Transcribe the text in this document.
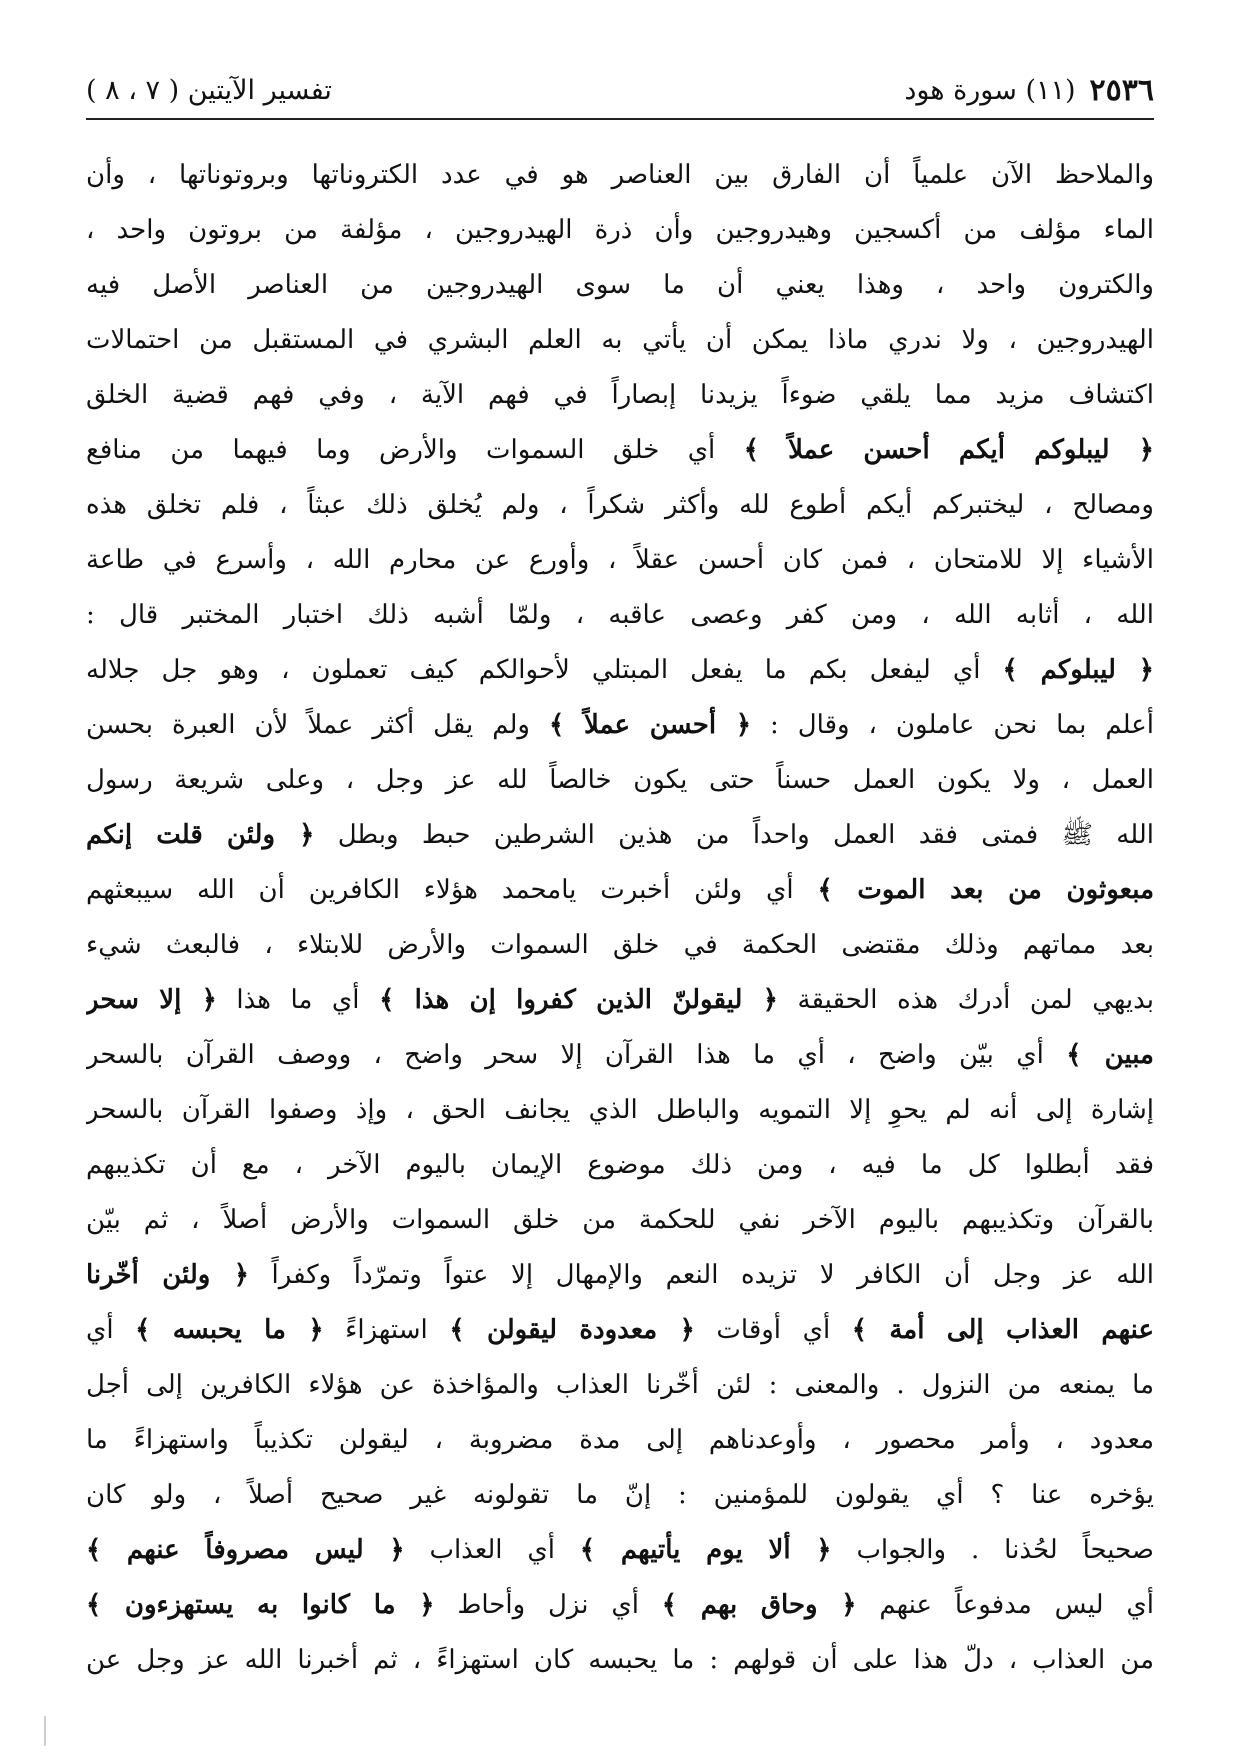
٢٥٣٦
(١١) سورة هود
تفسير الآيتين ( ٧ ، ٨ )
والملاحظ الآن علمياً أن الفارق بين العناصر هو في عدد الكتروناتها وبروتوناتها ، وأن
الماء مؤلف من أكسجين وهيدروجين وأن ذرة الهيدروجين ، مؤلفة من بروتون واحد ،
والكترون واحد ، وهذا يعني أن ما سوى الهيدروجين من العناصر الأصل فيه
الهيدروجين ، ولا ندري ماذا يمكن أن يأتي به العلم البشري في المستقبل من احتمالات
اكتشاف مزيد مما يلقي ضوءاً يزيدنا إبصاراً في فهم الآية ، وفي فهم قضية الخلق
﴿ ليبلوكم أيكم أحسن عملاً ﴾ أي خلق السموات والأرض وما فيهما من منافع
ومصالح ، ليختبركم أيكم أطوع لله وأكثر شكراً ، ولم يُخلق ذلك عبثاً ، فلم تخلق هذه
الأشياء إلا للامتحان ، فمن كان أحسن عقلاً ، وأورع عن محارم الله ، وأسرع في طاعة
الله ، أثابه الله ، ومن كفر وعصى عاقبه ، ولمّا أشبه ذلك اختبار المختبر قال :
﴿ ليبلوكم ﴾ أي ليفعل بكم ما يفعل المبتلي لأحوالكم كيف تعملون ، وهو جل جلاله
أعلم بما نحن عاملون ، وقال : ﴿ أحسن عملاً ﴾ ولم يقل أكثر عملاً لأن العبرة بحسن
العمل ، ولا يكون العمل حسناً حتى يكون خالصاً لله عز وجل ، وعلى شريعة رسول
الله ﷺ فمتى فقد العمل واحداً من هذين الشرطين حبط وبطل ﴿ ولئن قلت إنكم
مبعوثون من بعد الموت ﴾ أي ولئن أخبرت يامحمد هؤلاء الكافرين أن الله سيبعثهم
بعد مماتهم وذلك مقتضى الحكمة في خلق السموات والأرض للابتلاء ، فالبعث شيء
بديهي لمن أدرك هذه الحقيقة ﴿ ليقولنّ الذين كفروا إن هذا ﴾ أي ما هذا ﴿ إلا سحر
مبين ﴾ أي بيّن واضح ، أي ما هذا القرآن إلا سحر واضح ، ووصف القرآن بالسحر
إشارة إلى أنه لم يحوِ إلا التمويه والباطل الذي يجانف الحق ، وإذ وصفوا القرآن بالسحر
فقد أبطلوا كل ما فيه ، ومن ذلك موضوع الإيمان باليوم الآخر ، مع أن تكذيبهم
بالقرآن وتكذيبهم باليوم الآخر نفي للحكمة من خلق السموات والأرض أصلاً ، ثم بيّن
الله عز وجل أن الكافر لا تزيده النعم والإمهال إلا عتواً وتمرّداً وكفراً ﴿ ولئن أخّرنا
عنهم العذاب إلى أمة ﴾ أي أوقات ﴿ معدودة ليقولن ﴾ استهزاءً ﴿ ما يحبسه ﴾ أي
ما يمنعه من النزول . والمعنى : لئن أخّرنا العذاب والمؤاخذة عن هؤلاء الكافرين إلى أجل
معدود ، وأمر محصور ، وأوعدناهم إلى مدة مضروبة ، ليقولن تكذيباً واستهزاءً ما
يؤخره عنا ؟ أي يقولون للمؤمنين : إنّ ما تقولونه غير صحيح أصلاً ، ولو كان
صحيحاً لحُذنا . والجواب ﴿ ألا يوم يأتيهم ﴾ أي العذاب ﴿ ليس مصروفاً عنهم ﴾
أي ليس مدفوعاً عنهم ﴿ وحاق بهم ﴾ أي نزل وأحاط ﴿ ما كانوا به يستهزءون ﴾
من العذاب ، دلّ هذا على أن قولهم : ما يحبسه كان استهزاءً ، ثم أخبرنا الله عز وجل عن
